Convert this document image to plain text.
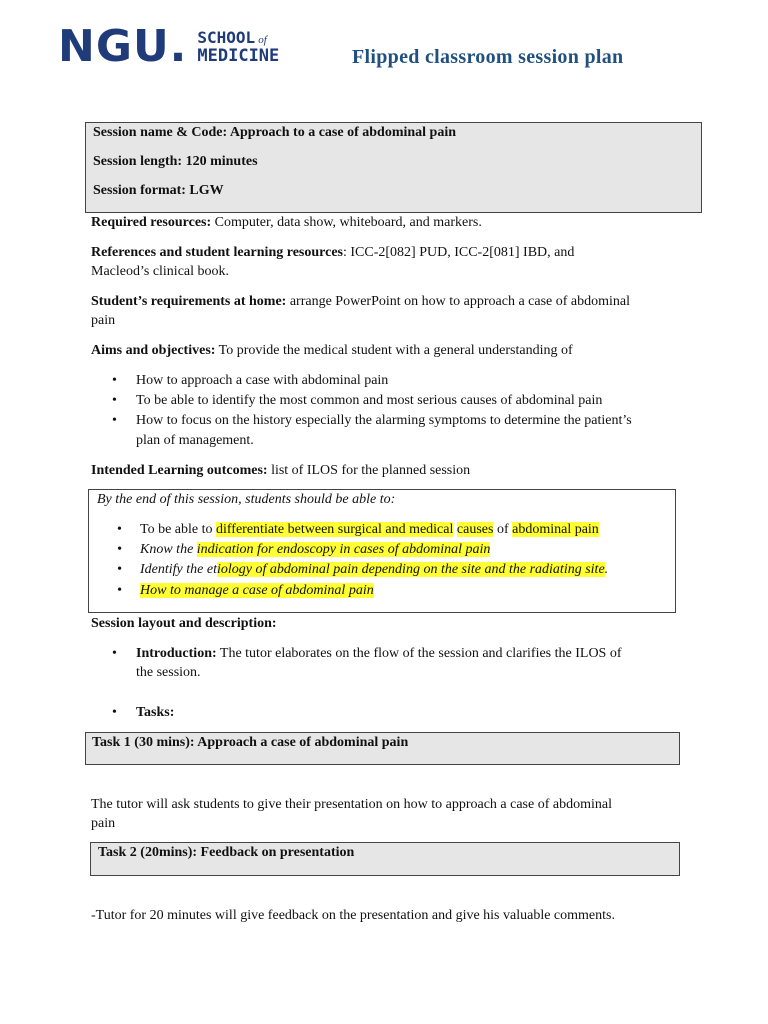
NGU. SCHOOL of
MEDICINE	Flipped classroom session plan
Session name & Code: Approach to a case of abdominal pain
Session length: 120 minutes
Session format: LGW
Required resources: Computer, data show, whiteboard, and markers.
References and student learning resources: ICC-2[082] PUD, ICC-2[081] IBD, and
Macleod’s clinical book.
Student’s requirements at home: arrange PowerPoint on how to approach a case of abdominal
pain
Aims and objectives: To provide the medical student with a general understanding of
• How to approach a case with abdominal pain
• To be able to identify the most common and most serious causes of abdominal pain
• How to focus on the history especially the alarming symptoms to determine the patient’s
plan of management.
Intended Learning outcomes: list of ILOS for the planned session
By the end of this session, students should be able to:
• To be able to differentiate between surgical and medical causes of abdominal pain
• Know the indication for endoscopy in cases of abdominal pain
• Identify the etiology of abdominal pain depending on the site and the radiating site.
• How to manage a case of abdominal pain
Session layout and description:
• Introduction: The tutor elaborates on the flow of the session and clarifies the ILOS of
the session.
• Tasks:
Task 1 (30 mins): Approach a case of abdominal pain
The tutor will ask students to give their presentation on how to approach a case of abdominal
pain
Task 2 (20mins): Feedback on presentation
-Tutor for 20 minutes will give feedback on the presentation and give his valuable comments.
